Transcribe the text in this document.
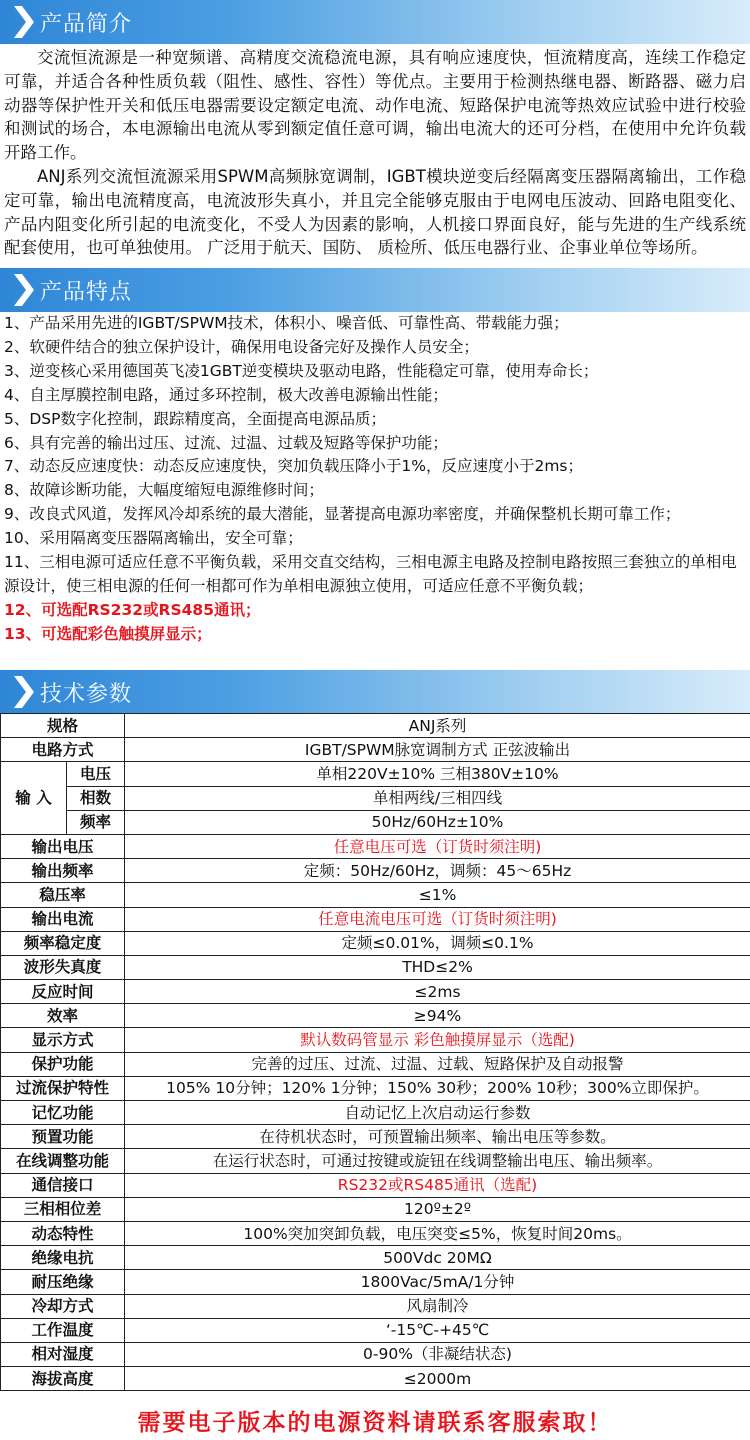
产品简介

交流恒流源是一种宽频谱、高精度交流稳流电源，具有响应速度快，恒流精度高，连续工作稳定可靠，并适合各种性质负载（阻性、感性、容性）等优点。主要用于检测热继电器、断路器、磁力启动器等保护性开关和低压电器需要设定额定电流、动作电流、短路保护电流等热效应试验中进行校验和测试的场合，本电源输出电流从零到额定值任意可调，输出电流大的还可分档，在使用中允许负载开路工作。

ANJ系列交流恒流源采用SPWM高频脉宽调制，IGBT模块逆变后经隔离变压器隔离输出，工作稳定可靠，输出电流精度高，电流波形失真小，并且完全能够克服由于电网电压波动、回路电阻变化、产品内阻变化所引起的电流变化，不受人为因素的影响，人机接口界面良好，能与先进的生产线系统配套使用，也可单独使用。 广泛用于航天、国防、 质检所、低压电器行业、企事业单位等场所。

产品特点
1、产品采用先进的IGBT/SPWM技术，体积小、噪音低、可靠性高、带载能力强；
2、软硬件结合的独立保护设计，确保用电设备完好及操作人员安全；
3、逆变核心采用德国英飞凌1GBT逆变模块及驱动电路，性能稳定可靠，使用寿命长；
4、自主厚膜控制电路，通过多环控制，极大改善电源输出性能；
5、DSP数字化控制，跟踪精度高，全面提高电源品质；
6、具有完善的输出过压、过流、过温、过载及短路等保护功能；
7、动态反应速度快：动态反应速度快，突加负载压降小于1%，反应速度小于2ms；
8、故障诊断功能，大幅度缩短电源维修时间；
9、改良式风道，发挥风冷却系统的最大潜能，显著提高电源功率密度，并确保整机长期可靠工作；
10、采用隔离变压器隔离输出，安全可靠；
11、三相电源可适应任意不平衡负载，采用交直交结构，三相电源主电路及控制电路按照三套独立的单相电源设计，使三相电源的任何一相都可作为单相电源独立使用，可适应任意不平衡负载；
12、可选配RS232或RS485通讯；
13、可选配彩色触摸屏显示；
技术参数
规格		ANJ系列
电路方式		IGBT/SPWM脉宽调制方式 正弦波输出
输 入	电压	单相220V±10% 三相380V±10%
	相数	单相两线/三相四线
	频率	50Hz/60Hz±10%
输出电压		任意电压可选（订货时须注明)
输出频率		定频：50Hz/60Hz，调频：45～65Hz
稳压率		≤1%
输出电流		任意电流电压可选（订货时须注明)
频率稳定度		定频≤0.01%，调频≤0.1%
波形失真度		THD≤2%
反应时间		≤2ms
效率		≥94%
显示方式		默认数码管显示 彩色触摸屏显示（选配)
保护功能		完善的过压、过流、过温、过载、短路保护及自动报警
过流保护特性		105% 10分钟；120% 1分钟；150% 30秒；200% 10秒；300%立即保护。
记忆功能		自动记忆上次启动运行参数
预置功能		在待机状态时，可预置输出频率、输出电压等参数。
在线调整功能		在运行状态时，可通过按键或旋钮在线调整输出电压、输出频率。
通信接口		RS232或RS485通讯（选配)
三相相位差		120º±2º
动态特性		100%突加突卸负载，电压突变≤5%，恢复时间20ms。
绝缘电抗		500Vdc 20MΩ
耐压绝缘		1800Vac/5mA/1分钟
冷却方式		风扇制冷
工作温度		‘-15℃-+45℃
相对湿度		0-90%（非凝结状态)
海拔高度		≤2000m
需要电子版本的电源资料请联系客服索取！
